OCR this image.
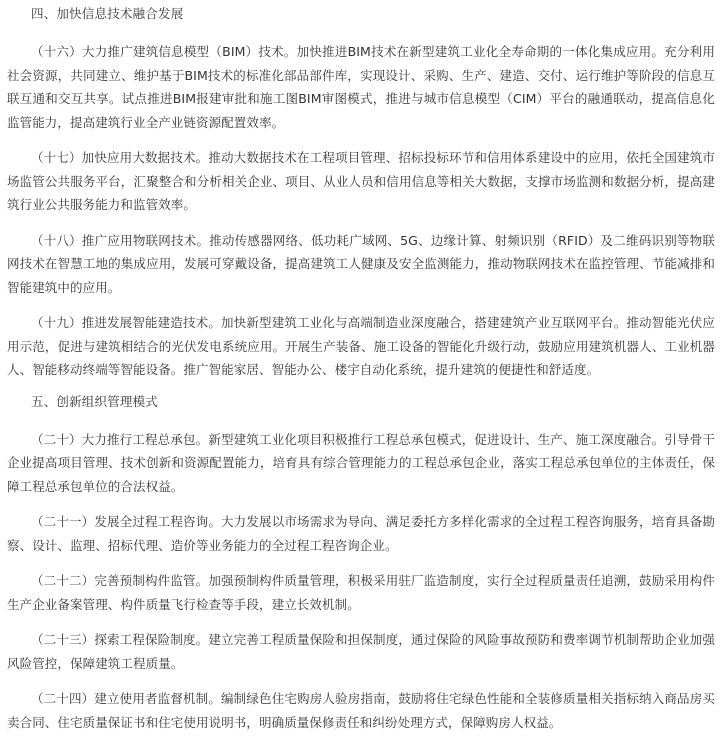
四、加快信息技术融合发展

（十六）大力推广建筑信息模型（BIM）技术。加快推进BIM技术在新型建筑工业化全寿命期的一体化集成应用。充分利用社会资源，共同建立、维护基于BIM技术的标准化部品部件库，实现设计、采购、生产、建造、交付、运行维护等阶段的信息互联互通和交互共享。试点推进BIM报建审批和施工图BIM审图模式，推进与城市信息模型（CIM）平台的融通联动，提高信息化监管能力，提高建筑行业全产业链资源配置效率。

（十七）加快应用大数据技术。推动大数据技术在工程项目管理、招标投标环节和信用体系建设中的应用，依托全国建筑市场监管公共服务平台，汇聚整合和分析相关企业、项目、从业人员和信用信息等相关大数据，支撑市场监测和数据分析，提高建筑行业公共服务能力和监管效率。

（十八）推广应用物联网技术。推动传感器网络、低功耗广域网、5G、边缘计算、射频识别（RFID）及二维码识别等物联网技术在智慧工地的集成应用，发展可穿戴设备，提高建筑工人健康及安全监测能力，推动物联网技术在监控管理、节能减排和智能建筑中的应用。

（十九）推进发展智能建造技术。加快新型建筑工业化与高端制造业深度融合，搭建建筑产业互联网平台。推动智能光伏应用示范，促进与建筑相结合的光伏发电系统应用。开展生产装备、施工设备的智能化升级行动，鼓励应用建筑机器人、工业机器人、智能移动终端等智能设备。推广智能家居、智能办公、楼宇自动化系统，提升建筑的便捷性和舒适度。

五、创新组织管理模式

（二十）大力推行工程总承包。新型建筑工业化项目积极推行工程总承包模式，促进设计、生产、施工深度融合。引导骨干企业提高项目管理、技术创新和资源配置能力，培育具有综合管理能力的工程总承包企业，落实工程总承包单位的主体责任，保障工程总承包单位的合法权益。

（二十一）发展全过程工程咨询。大力发展以市场需求为导向、满足委托方多样化需求的全过程工程咨询服务，培育具备勘察、设计、监理、招标代理、造价等业务能力的全过程工程咨询企业。

（二十二）完善预制构件监管。加强预制构件质量管理，积极采用驻厂监造制度，实行全过程质量责任追溯，鼓励采用构件生产企业备案管理、构件质量飞行检查等手段，建立长效机制。

（二十三）探索工程保险制度。建立完善工程质量保险和担保制度，通过保险的风险事故预防和费率调节机制帮助企业加强风险管控，保障建筑工程质量。

（二十四）建立使用者监督机制。编制绿色住宅购房人验房指南，鼓励将住宅绿色性能和全装修质量相关指标纳入商品房买卖合同、住宅质量保证书和住宅使用说明书，明确质量保修责任和纠纷处理方式，保障购房人权益。
